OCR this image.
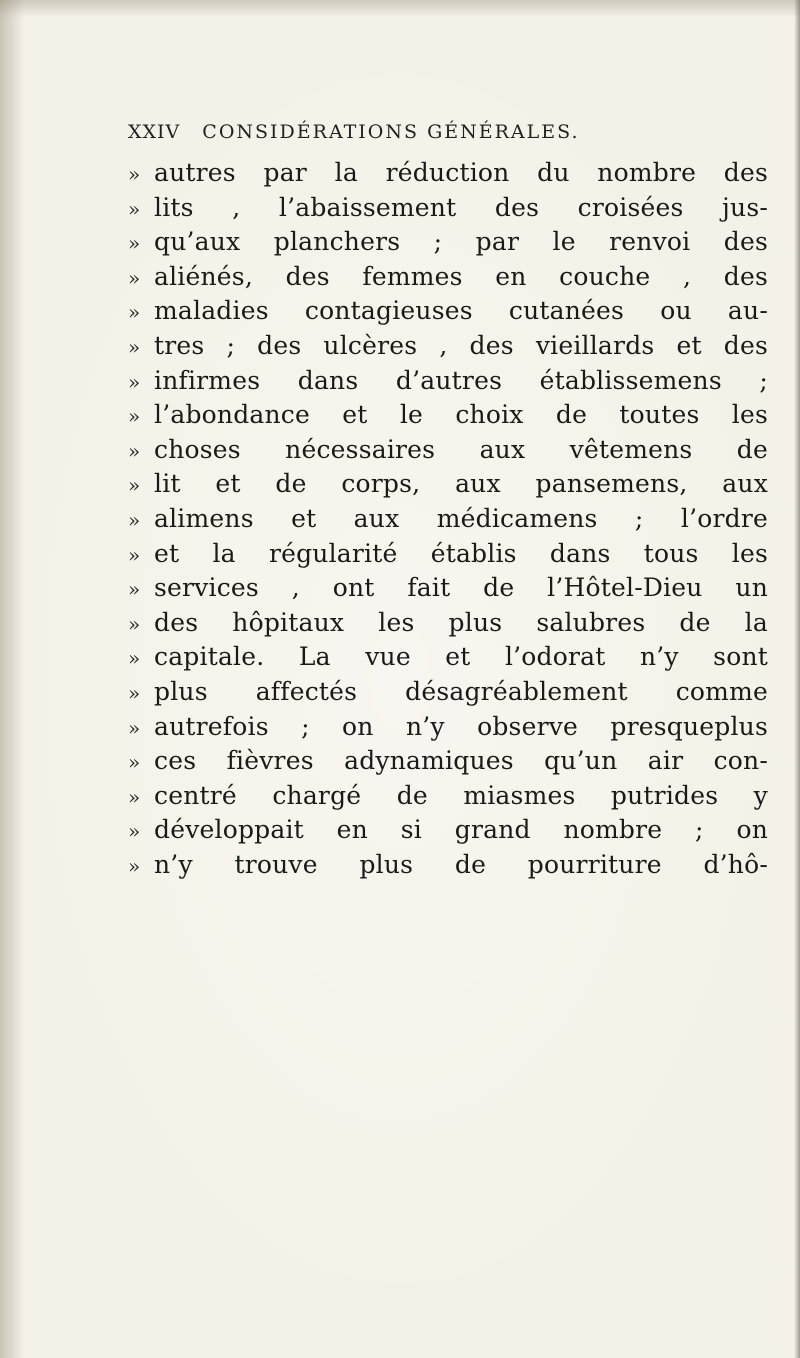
XXIV CONSIDÉRATIONS GÉNÉRALES.
» autres par la réduction du nombre des
» lits , l’abaissement des croisées jus-
» qu’aux planchers ; par le renvoi des
» aliénés, des femmes en couche , des
» maladies contagieuses cutanées ou au-
» tres ; des ulcères , des vieillards et des
» infirmes dans d’autres établissemens ;
» l’abondance et le choix de toutes les
» choses nécessaires aux vêtemens de
» lit et de corps, aux pansemens, aux
» alimens et aux médicamens ; l’ordre
» et la régularité établis dans tous les
» services , ont fait de l’Hôtel-Dieu un
» des hôpitaux les plus salubres de la
» capitale. La vue et l’odorat n’y sont
» plus affectés désagréablement comme
» autrefois ; on n’y observe presqueplus
» ces fièvres adynamiques qu’un air con-
» centré chargé de miasmes putrides y
» développait en si grand nombre ; on
» n’y trouve plus de pourriture d’hô-
